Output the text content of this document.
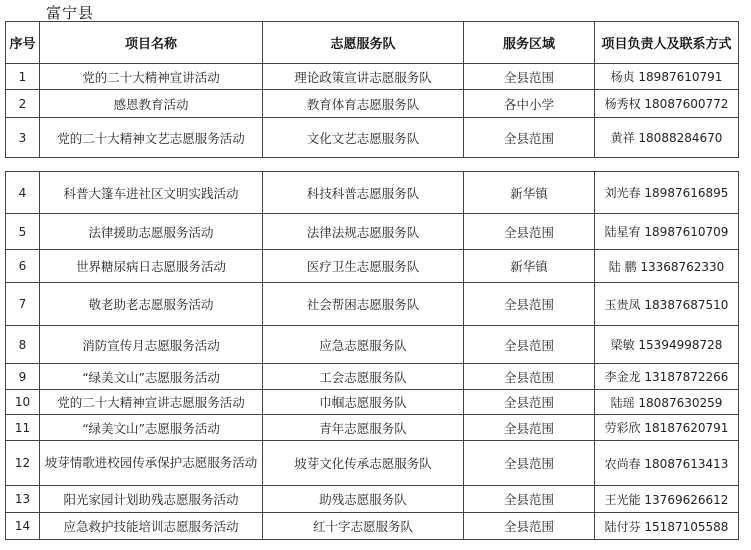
富宁县
序号	项目名称	志愿服务队	服务区域	项目负责人及联系方式
1	党的二十大精神宣讲活动	理论政策宣讲志愿服务队	全县范围	杨贞 18987610791
2	感恩教育活动	教育体育志愿服务队	各中小学	杨秀权 18087600772
3	党的二十大精神文艺志愿服务活动	文化文艺志愿服务队	全县范围	黄祥 18088284670
4	科普大篷车进社区文明实践活动	科技科普志愿服务队	新华镇	刘光春 18987616895
5	法律援助志愿服务活动	法律法规志愿服务队	全县范围	陆星宥 18987610709
6	世界糖尿病日志愿服务活动	医疗卫生志愿服务队	新华镇	陆 鹏 13368762330
7	敬老助老志愿服务活动	社会帮困志愿服务队	全县范围	玉贵凤 18387687510
8	消防宣传月志愿服务活动	应急志愿服务队	全县范围	梁敏 15394998728
9	“绿美文山”志愿服务活动	工会志愿服务队	全县范围	李金龙 13187872266
10	党的二十大精神宣讲志愿服务活动	巾帼志愿服务队	全县范围	陆瑶 18087630259
11	“绿美文山”志愿服务活动	青年志愿服务队	全县范围	劳彩欣 18187620791
12	坡芽情歌进校园传承保护志愿服务活动	坡芽文化传承志愿服务队	全县范围	农尚春 18087613413
13	阳光家园计划助残志愿服务活动	助残志愿服务队	全县范围	王光能 13769626612
14	应急救护技能培训志愿服务活动	红十字志愿服务队	全县范围	陆付芬 15187105588
